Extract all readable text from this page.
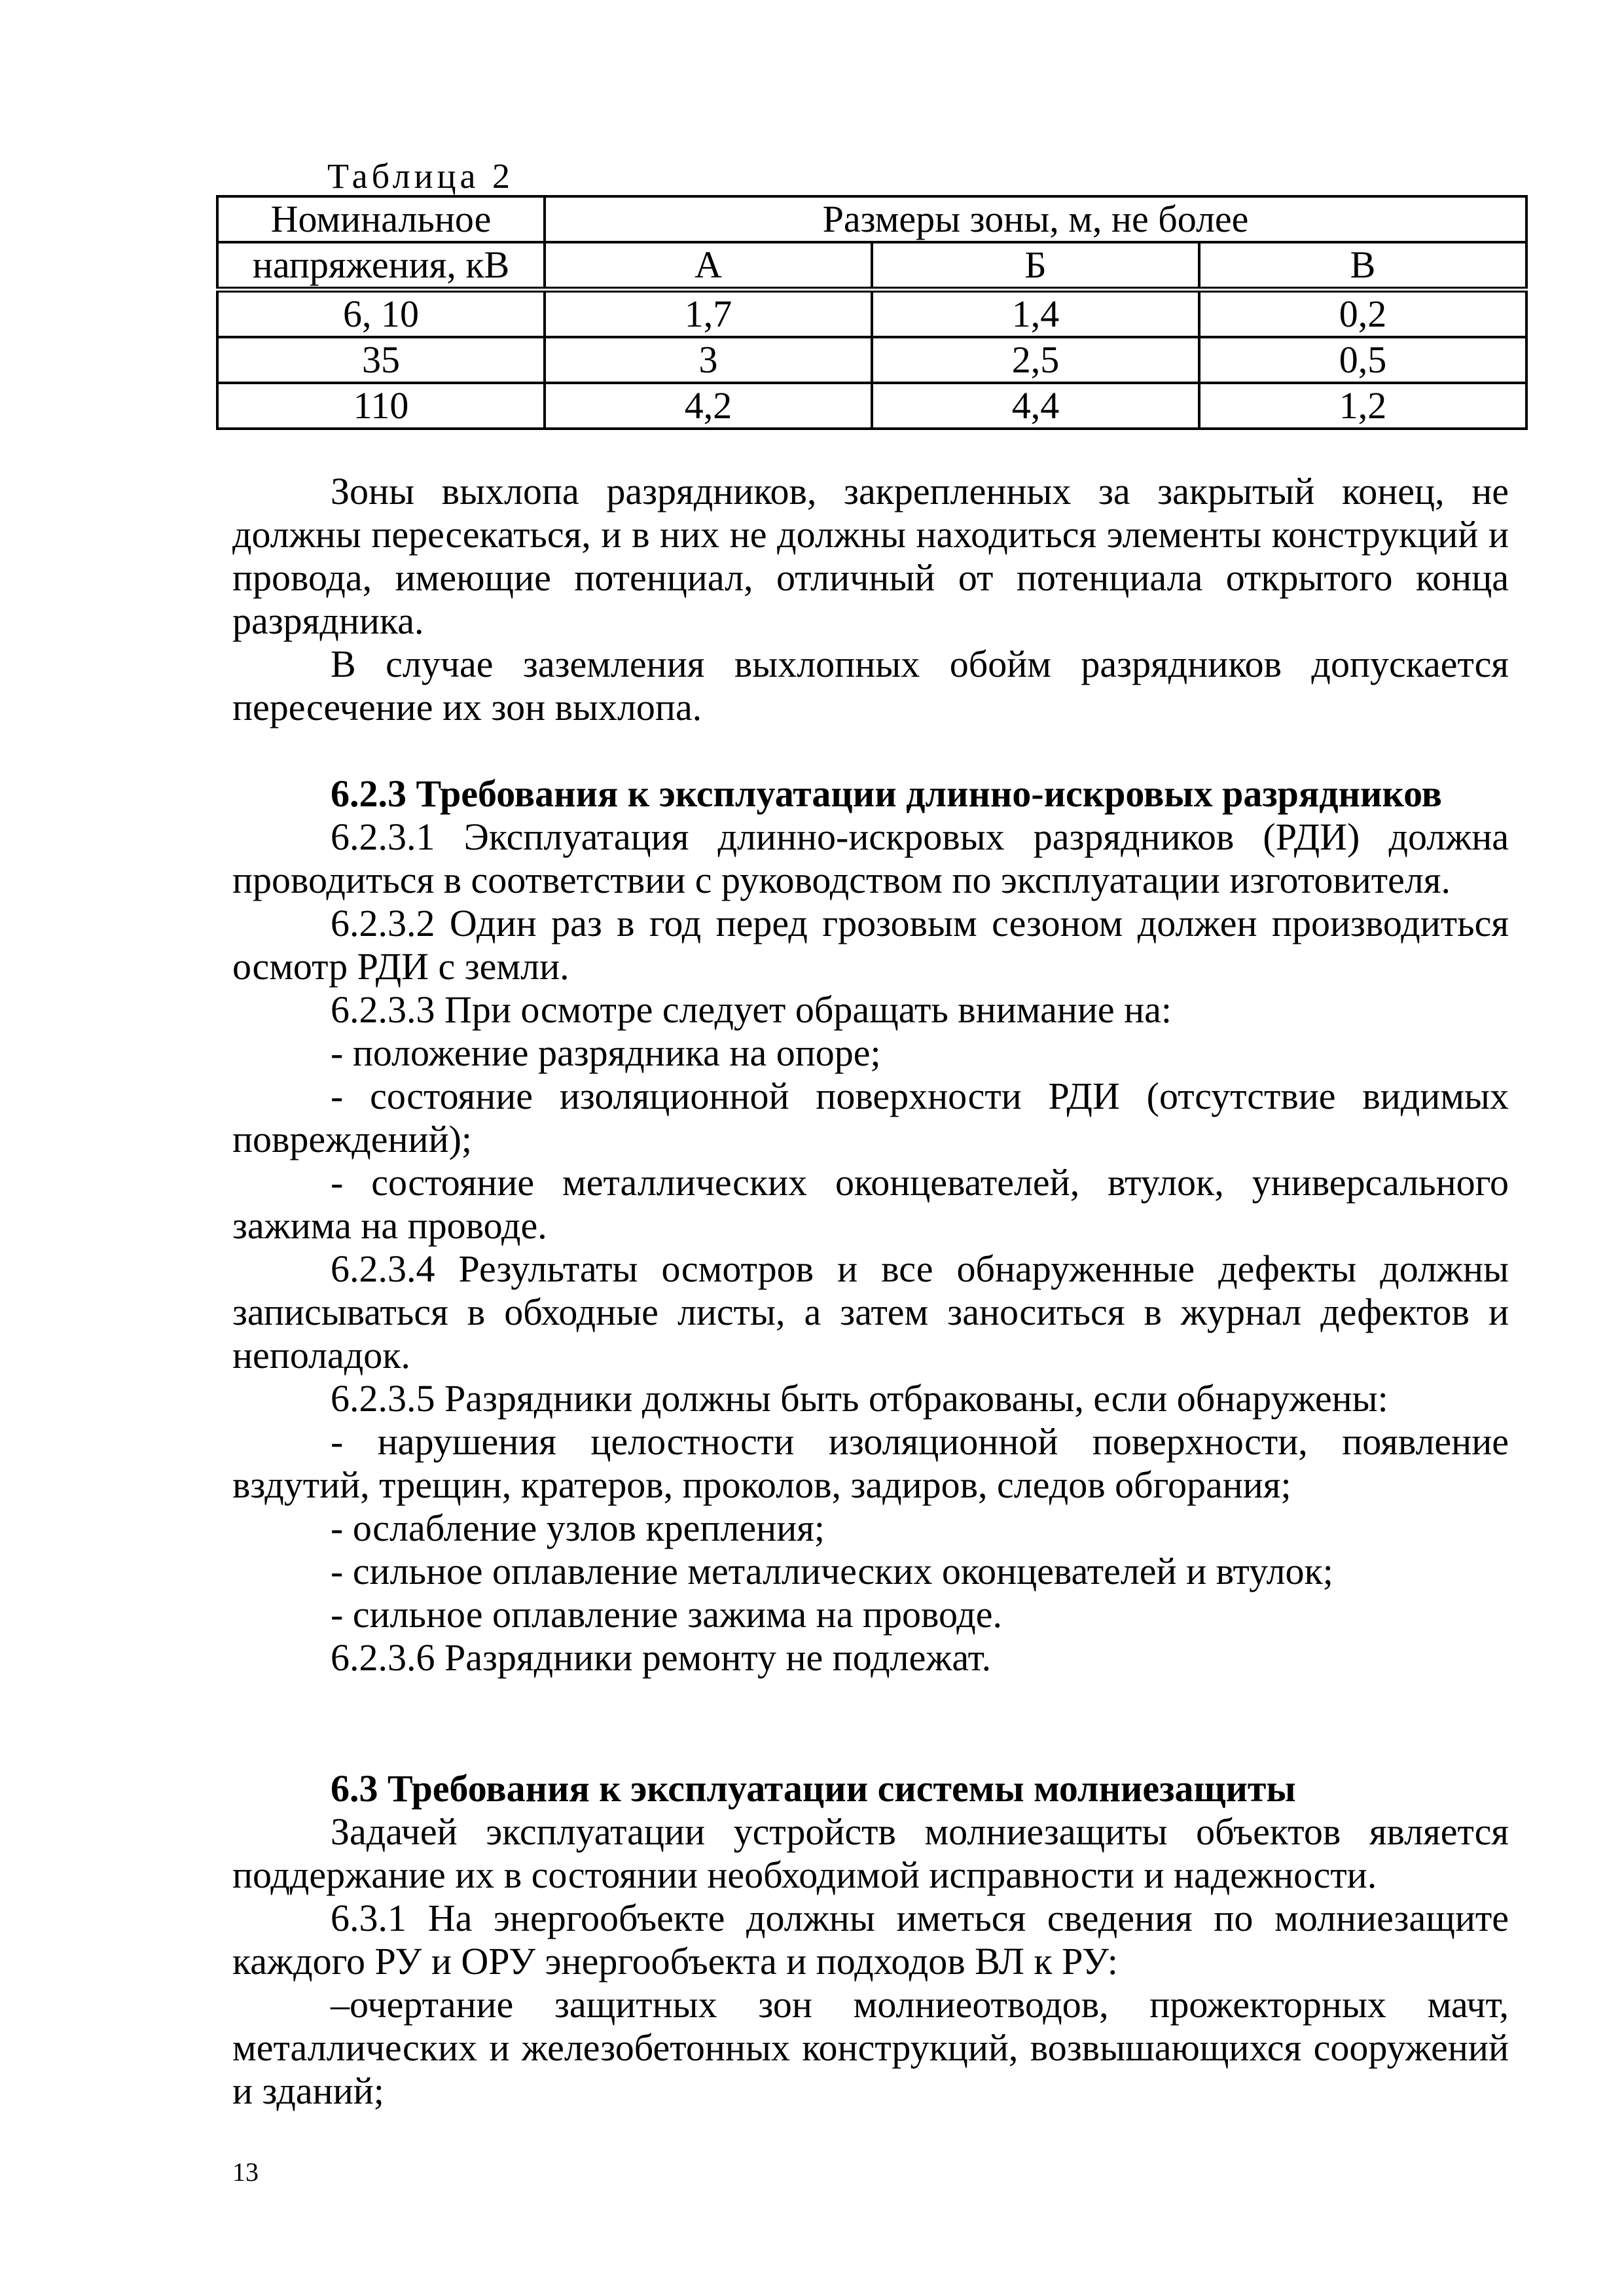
Таблица 2
Номинальное	Размеры зоны, м, не более		
напряжения, кВ	А	Б	В
6, 10	1,7	1,4	0,2
35	3	2,5	0,5
110	4,2	4,4	1,2

Зоны выхлопа разрядников, закрепленных за закрытый конец, не должны пересекаться, и в них не должны находиться элементы конструкций и провода, имеющие потенциал, отличный от потенциала открытого конца разрядника.

В случае заземления выхлопных обойм разрядников допускается пересечение их зон выхлопа.

6.2.3 Требования к эксплуатации длинно-искровых разрядников

6.2.3.1 Эксплуатация длинно-искровых разрядников (РДИ) должна проводиться в соответствии с руководством по эксплуатации изготовителя.

6.2.3.2 Один раз в год перед грозовым сезоном должен производиться осмотр РДИ с земли.

6.2.3.3 При осмотре следует обращать внимание на:

- положение разрядника на опоре;

- состояние изоляционной поверхности РДИ (отсутствие видимых повреждений);

- состояние металлических оконцевателей, втулок, универсального зажима на проводе.

6.2.3.4 Результаты осмотров и все обнаруженные дефекты должны записываться в обходные листы, а затем заноситься в журнал дефектов и неполадок.

6.2.3.5 Разрядники должны быть отбракованы, если обнаружены:

- нарушения целостности изоляционной поверхности, появление вздутий, трещин, кратеров, проколов, задиров, следов обгорания;

- ослабление узлов крепления;

- сильное оплавление металлических оконцевателей и втулок;

- сильное оплавление зажима на проводе.

6.2.3.6 Разрядники ремонту не подлежат.

6.3 Требования к эксплуатации системы молниезащиты

Задачей эксплуатации устройств молниезащиты объектов является поддержание их в состоянии необходимой исправности и надежности.

6.3.1 На энергообъекте должны иметься сведения по молниезащите каждого РУ и ОРУ энергообъекта и подходов ВЛ к РУ:

–очертание защитных зон молниеотводов, прожекторных мачт, металлических и железобетонных конструкций, возвышающихся сооружений и зданий;

13
